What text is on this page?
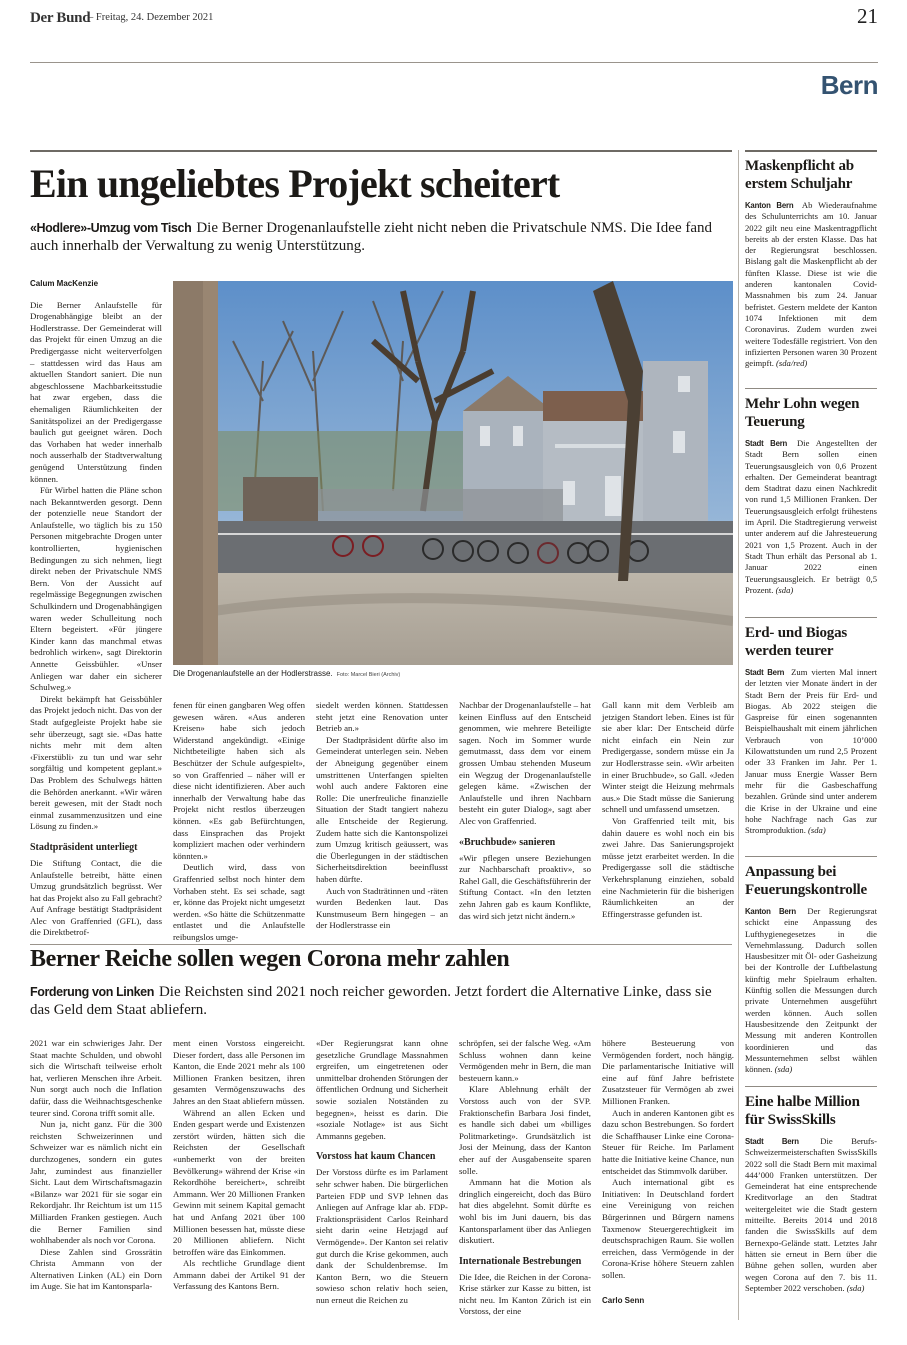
Der Bund
– Freitag, 24. Dezember 2021	21
Bern
Ein ungeliebtes Projekt scheitert
«Hodlere»-Umzug vom Tisch Die Berner Drogenanlaufstelle zieht nicht neben die Privatschule NMS. Die Idee fand auch innerhalb der Verwaltung zu wenig Unterstützung.
Calum MacKenzie

Die Berner Anlaufstelle für Drogenabhängige bleibt an der Hodlerstrasse. Der Gemeinderat will das Projekt für einen Umzug an die Predigergasse nicht weiterverfolgen – stattdessen wird das Haus am aktuellen Standort saniert. Die nun abgeschlossene Machbarkeitsstudie hat zwar ergeben, dass die ehemaligen Räumlichkeiten der Sanitätspolizei an der Predigergasse baulich gut geeignet wären. Doch das Vorhaben hat weder innerhalb noch ausserhalb der Stadtverwaltung genügend Unterstützung finden können.

Für Wirbel hatten die Pläne schon nach Bekanntwerden gesorgt. Denn der potenzielle neue Standort der Anlaufstelle, wo täglich bis zu 150 Personen mitgebrachte Drogen unter kontrollierten, hygienischen Bedingungen zu sich nehmen, liegt direkt neben der Privatschule NMS Bern. Von der Aussicht auf regelmässige Begegnungen zwischen Schulkindern und Drogenabhängigen waren weder Schulleitung noch Eltern begeistert. «Für jüngere Kinder kann das manchmal etwas bedrohlich wirken», sagt Direktorin Annette Geissbühler. «Unser Anliegen war daher ein sicherer Schulweg.»

Direkt bekämpft hat Geissbühler das Projekt jedoch nicht. Das von der Stadt aufgegleiste Projekt habe sie sehr überzeugt, sagt sie. «Das hatte nichts mehr mit dem alten ‹Fixerstübli› zu tun und war sehr sorgfältig und kompetent geplant.» Das Problem des Schulwegs hätten die Behörden anerkannt. «Wir wären bereit gewesen, mit der Stadt noch einmal zusammenzusitzen und eine Lösung zu finden.»

Stadtpräsident unterliegt

Die Stiftung Contact, die die Anlaufstelle betreibt, hätte einen Umzug grundsätzlich begrüsst. Wer hat das Projekt also zu Fall gebracht? Auf Anfrage bestätigt Stadtpräsident Alec von Graffenried (GFL), dass die Direktbetrof-

Die Drogenanlaufstelle an der Hodlerstrasse. Foto: Marcel Bieri (Archiv)

fenen für einen gangbaren Weg offen gewesen wären. «Aus anderen Kreisen» habe sich jedoch Widerstand angekündigt. «Einige Nichtbeteiligte haben sich als Beschützer der Schule aufgespielt», so von Graffenried – näher will er diese nicht identifizieren. Aber auch innerhalb der Verwaltung habe das Projekt nicht restlos überzeugen können. «Es gab Befürchtungen, dass Einsprachen das Projekt kompliziert machen oder verhindern könnten.»

Deutlich wird, dass von Graffenried selbst noch hinter dem Vorhaben steht. Es sei schade, sagt er, könne das Projekt nicht umgesetzt werden. «So hätte die Schützenmatte entlastet und die Anlaufstelle reibungslos umge-

siedelt werden können. Stattdessen steht jetzt eine Renovation unter Betrieb an.»

Der Stadtpräsident dürfte also im Gemeinderat unterlegen sein. Neben der Abneigung gegenüber einem umstrittenen Unterfangen spielten wohl auch andere Faktoren eine Rolle: Die unerfreuliche finanzielle Situation der Stadt tangiert nahezu alle Entscheide der Regierung. Zudem hatte sich die Kantonspolizei zum Umzug kritisch geäussert, was die Überlegungen in der städtischen Sicherheitsdirektion beeinflusst haben dürfte.

Auch von Stadträtinnen und -räten wurden Bedenken laut. Das Kunstmuseum Bern hingegen – an der Hodlerstrasse ein

Nachbar der Drogenanlaufstelle – hat keinen Einfluss auf den Entscheid genommen, wie mehrere Beteiligte sagen. Noch im Sommer wurde gemutmasst, dass dem vor einem grossen Umbau stehenden Museum ein Wegzug der Drogenanlaufstelle gelegen käme. «Zwischen der Anlaufstelle und ihren Nachbarn besteht ein guter Dialog», sagt aber Alec von Graffenried.

«Bruchbude» sanieren

«Wir pflegen unsere Beziehungen zur Nachbarschaft proaktiv», so Rahel Gall, die Geschäftsführerin der Stiftung Contact. «In den letzten zehn Jahren gab es kaum Konflikte, das wird sich jetzt nicht ändern.»

Gall kann mit dem Verbleib am jetzigen Standort leben. Eines ist für sie aber klar: Der Entscheid dürfe nicht einfach ein Nein zur Predigergasse, sondern müsse ein Ja zur Hodlerstrasse sein. «Wir arbeiten in einer Bruchbude», so Gall. «Jeden Winter steigt die Heizung mehrmals aus.» Die Stadt müsse die Sanierung schnell und umfassend umsetzen.

Von Graffenried teilt mit, bis dahin dauere es wohl noch ein bis zwei Jahre. Das Sanierungsprojekt müsse jetzt erarbeitet werden. In die Predigergasse soll die städtische Verkehrsplanung einziehen, sobald eine Nachmieterin für die bisherigen Räumlichkeiten an der Effingerstrasse gefunden ist.

Berner Reiche sollen wegen Corona mehr zahlen
Forderung von Linken Die Reichsten sind 2021 noch reicher geworden. Jetzt fordert die Alternative Linke, dass sie das Geld dem Staat abliefern.

2021 war ein schwieriges Jahr. Der Staat machte Schulden, und obwohl sich die Wirtschaft teilweise erholt hat, verlieren Menschen ihre Arbeit. Nun sorgt auch noch die Inflation dafür, dass die Weihnachtsgeschenke teurer sind. Corona trifft somit alle.

Nun ja, nicht ganz. Für die 300 reichsten Schweizerinnen und Schweizer war es nämlich nicht ein durchzogenes, sondern ein gutes Jahr, zumindest aus finanzieller Sicht. Laut dem Wirtschaftsmagazin «Bilanz» war 2021 für sie sogar ein Rekordjahr. Ihr Reichtum ist um 115 Milliarden Franken gestiegen. Auch die Berner Familien sind wohlhabender als noch vor Corona.

Diese Zahlen sind Grossrätin Christa Ammann von der Alternativen Linken (AL) ein Dorn im Auge. Sie hat im Kantonsparla-

ment einen Vorstoss eingereicht. Dieser fordert, dass alle Personen im Kanton, die Ende 2021 mehr als 100 Millionen Franken besitzen, ihren gesamten Vermögenszuwachs des Jahres an den Staat abliefern müssen.

Während an allen Ecken und Enden gespart werde und Existenzen zerstört würden, hätten sich die Reichsten der Gesellschaft «unbemerkt von der breiten Bevölkerung» während der Krise «in Rekordhöhe bereichert», schreibt Ammann. Wer 20 Millionen Franken Gewinn mit seinem Kapital gemacht hat und Anfang 2021 über 100 Millionen besessen hat, müsste diese 20 Millionen abliefern. Nicht betroffen wäre das Einkommen.

Als rechtliche Grundlage dient Ammann dabei der Artikel 91 der Verfassung des Kantons Bern.

«Der Regierungsrat kann ohne gesetzliche Grundlage Massnahmen ergreifen, um eingetretenen oder unmittelbar drohenden Störungen der öffentlichen Ordnung und Sicherheit sowie sozialen Notständen zu begegnen», heisst es darin. Die «soziale Notlage» ist aus Sicht Ammanns gegeben.

Vorstoss hat kaum Chancen

Der Vorstoss dürfte es im Parlament sehr schwer haben. Die bürgerlichen Parteien FDP und SVP lehnen das Anliegen auf Anfrage klar ab. FDP-Fraktionspräsident Carlos Reinhard sieht darin «eine Hetzjagd auf Vermögende». Der Kanton sei relativ gut durch die Krise gekommen, auch dank der Schuldenbremse. Im Kanton Bern, wo die Steuern sowieso schon relativ hoch seien, nun erneut die Reichen zu

schröpfen, sei der falsche Weg. «Am Schluss wohnen dann keine Vermögenden mehr in Bern, die man besteuern kann.»

Klare Ablehnung erhält der Vorstoss auch von der SVP. Fraktionschefin Barbara Josi findet, es handle sich dabei um «billiges Politmarketing». Grundsätzlich ist Josi der Meinung, dass der Kanton eher auf der Ausgabenseite sparen solle.

Ammann hat die Motion als dringlich eingereicht, doch das Büro hat dies abgelehnt. Somit dürfte es wohl bis im Juni dauern, bis das Kantonsparlament über das Anliegen diskutiert.

Internationale Bestrebungen

Die Idee, die Reichen in der Corona-Krise stärker zur Kasse zu bitten, ist nicht neu. Im Kanton Zürich ist ein Vorstoss, der eine

höhere Besteuerung von Vermögenden fordert, noch hängig. Die parlamentarische Initiative will eine auf fünf Jahre befristete Zusatzsteuer für Vermögen ab zwei Millionen Franken.

Auch in anderen Kantonen gibt es dazu schon Bestrebungen. So fordert die Schaffhauser Linke eine Corona-Steuer für Reiche. Im Parlament hatte die Initiative keine Chance, nun entscheidet das Stimmvolk darüber.

Auch international gibt es Initiativen: In Deutschland fordert eine Vereinigung von reichen Bürgerinnen und Bürgern namens Taxmenow Steuergerechtigkeit im deutschsprachigen Raum. Sie wollen erreichen, dass Vermögende in der Corona-Krise höhere Steuern zahlen sollen.

Carlo Senn
Maskenpflicht ab erstem Schuljahr
Kanton Bern Ab Wiederaufnahme des Schulunterrichts am 10. Januar 2022 gilt neu eine Maskentragpflicht bereits ab der ersten Klasse. Das hat der Regierungsrat beschlossen. Bislang galt die Maskenpflicht ab der fünften Klasse. Diese ist wie die anderen kantonalen Covid-Massnahmen bis zum 24. Januar befristet. Gestern meldete der Kanton 1074 Infektionen mit dem Coronavirus. Zudem wurden zwei weitere Todesfälle registriert. Von den infizierten Personen waren 30 Prozent geimpft. (sda/red)
Mehr Lohn wegen Teuerung
Stadt Bern Die Angestellten der Stadt Bern sollen einen Teuerungsausgleich von 0,6 Prozent erhalten. Der Gemeinderat beantragt dem Stadtrat dazu einen Nachkredit von rund 1,5 Millionen Franken. Der Teuerungsausgleich erfolgt frühestens im April. Die Stadtregierung verweist unter anderem auf die Jahresteuerung 2021 von 1,5 Prozent. Auch in der Stadt Thun erhält das Personal ab 1. Januar 2022 einen Teuerungsausgleich. Er beträgt 0,5 Prozent. (sda)
Erd- und Biogas werden teurer
Stadt Bern Zum vierten Mal innert der letzten vier Monate ändert in der Stadt Bern der Preis für Erd- und Biogas. Ab 2022 steigen die Gaspreise für einen sogenannten Beispielhaushalt mit einem jährlichen Verbrauch von 10’000 Kilowattstunden um rund 2,5 Prozent oder 33 Franken im Jahr. Per 1. Januar muss Energie Wasser Bern mehr für die Gasbeschaffung bezahlen. Gründe sind unter anderem die Krise in der Ukraine und eine hohe Nachfrage nach Gas zur Stromproduktion. (sda)
Anpassung bei Feuerungskontrolle
Kanton Bern Der Regierungsrat schickt eine Anpassung des Lufthygienegesetzes in die Vernehmlassung. Dadurch sollen Hausbesitzer mit Öl- oder Gasheizung bei der Kontrolle der Luftbelastung künftig mehr Spielraum erhalten. Künftig sollen die Messungen durch private Unternehmen ausgeführt werden können. Auch sollen Hausbesitzende den Zeitpunkt der Messung mit anderen Kontrollen koordinieren und das Messunternehmen selbst wählen können. (sda)
Eine halbe Million für SwissSkills
Stadt Bern	Die Berufs-Schweizermeisterschaften SwissSkills 2022 soll die Stadt Bern mit maximal 444’000 Franken unterstützen. Der Gemeinderat hat eine entsprechende Kreditvorlage an den Stadtrat weitergeleitet wie die Stadt gestern mitteilte. Bereits 2014 und 2018 fanden die SwissSkills auf dem Bernexpo-Gelände statt. Letztes Jahr hätten sie erneut in Bern über die Bühne gehen sollen, wurden aber wegen Corona auf den 7. bis 11. September 2022 verschoben. (sda)
